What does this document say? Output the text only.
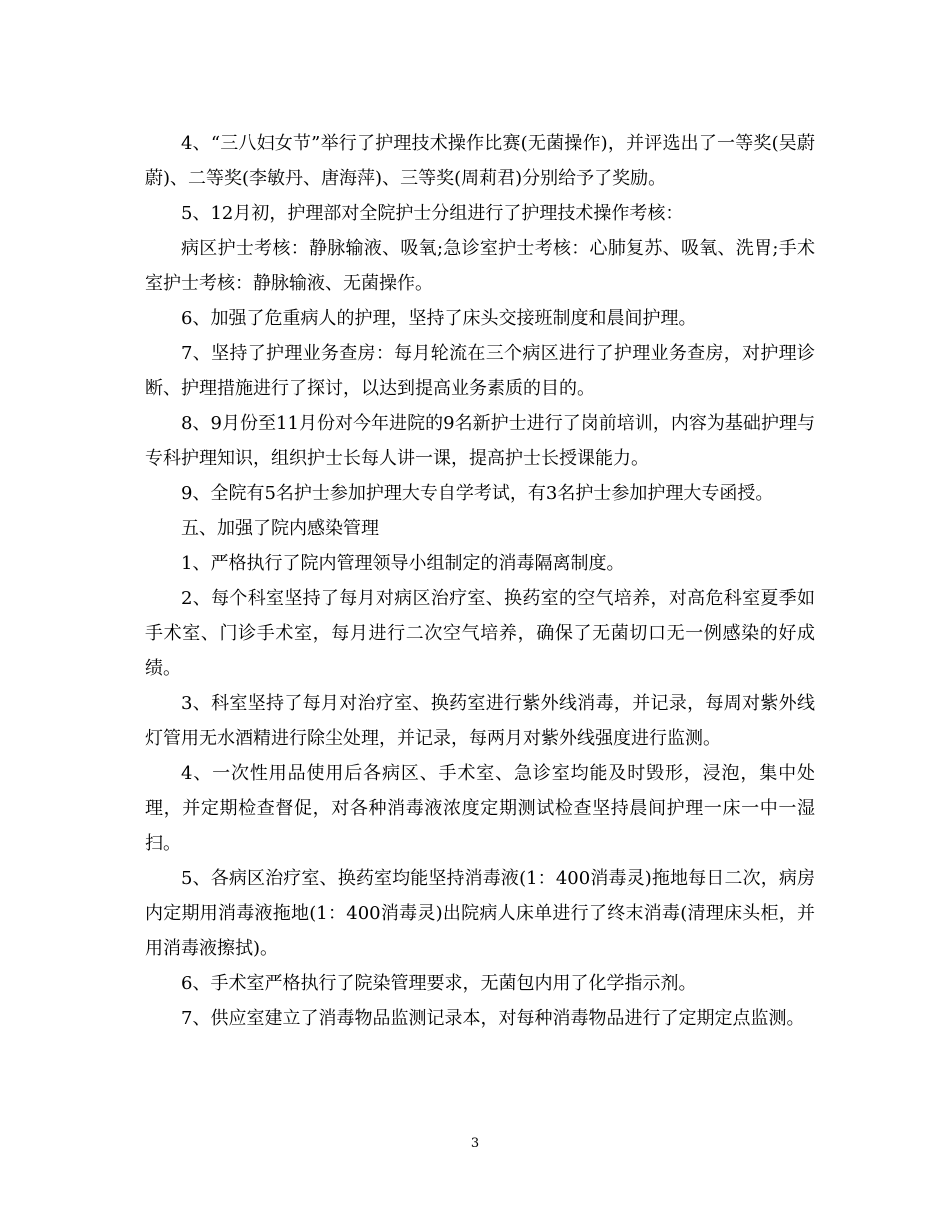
4、“三八妇女节”举行了护理技术操作比赛(无菌操作)，并评选出了一等奖(吴蔚蔚)、二等奖(李敏丹、唐海萍)、三等奖(周莉君)分别给予了奖励。

5、12月初，护理部对全院护士分组进行了护理技术操作考核：

病区护士考核：静脉输液、吸氧;急诊室护士考核：心肺复苏、吸氧、洗胃;手术室护士考核：静脉输液、无菌操作。

6、加强了危重病人的护理，坚持了床头交接班制度和晨间护理。

7、坚持了护理业务查房：每月轮流在三个病区进行了护理业务查房，对护理诊断、护理措施进行了探讨，以达到提高业务素质的目的。

8、9月份至11月份对今年进院的9名新护士进行了岗前培训，内容为基础护理与专科护理知识，组织护士长每人讲一课，提高护士长授课能力。

9、全院有5名护士参加护理大专自学考试，有3名护士参加护理大专函授。

五、加强了院内感染管理

1、严格执行了院内管理领导小组制定的消毒隔离制度。

2、每个科室坚持了每月对病区治疗室、换药室的空气培养，对高危科室夏季如手术室、门诊手术室，每月进行二次空气培养，确保了无菌切口无一例感染的好成绩。

3、科室坚持了每月对治疗室、换药室进行紫外线消毒，并记录，每周对紫外线灯管用无水酒精进行除尘处理，并记录，每两月对紫外线强度进行监测。

4、一次性用品使用后各病区、手术室、急诊室均能及时毁形，浸泡，集中处理，并定期检查督促，对各种消毒液浓度定期测试检查坚持晨间护理一床一中一湿扫。

5、各病区治疗室、换药室均能坚持消毒液(1：400消毒灵)拖地每日二次，病房内定期用消毒液拖地(1：400消毒灵)出院病人床单进行了终末消毒(清理床头柜，并用消毒液擦拭)。

6、手术室严格执行了院染管理要求，无菌包内用了化学指示剂。

7、供应室建立了消毒物品监测记录本，对每种消毒物品进行了定期定点监测。

3
